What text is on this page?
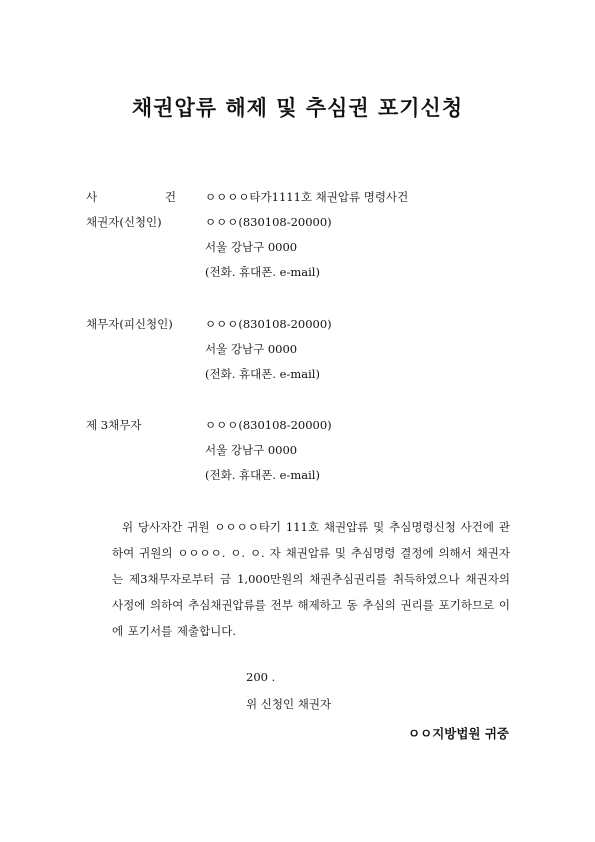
채권압류 해제 및 추심권 포기신청
사	건	ㅇㅇㅇㅇ타가1111호 채권압류 명령사건
채권자(신청인)	ㅇㅇㅇ(830108-20000)
서울 강남구 0000
(전화. 휴대폰. e-mail)
채무자(피신청인)	ㅇㅇㅇ(830108-20000)
서울 강남구 0000
(전화. 휴대폰. e-mail)
제 3채무자	ㅇㅇㅇ(830108-20000)
서울 강남구 0000
(전화. 휴대폰. e-mail)
위 당사자간 귀원 ㅇㅇㅇㅇ타기 111호 채권압류 및 추심명령신청 사건에 관하여 귀원의 ㅇㅇㅇㅇ. ㅇ. ㅇ. 자 채권압류 및 추심명령 결정에 의해서 채권자는 제3채무자로부터 금 1,000만원의 채권추심권리를 취득하였으나 채권자의 사정에 의하여 추심채권압류를 전부 해제하고 동 추심의 권리를 포기하므로 이에 포기서를 제출합니다.
200 .
위 신청인 채권자
ㅇㅇ지방법원 귀중
